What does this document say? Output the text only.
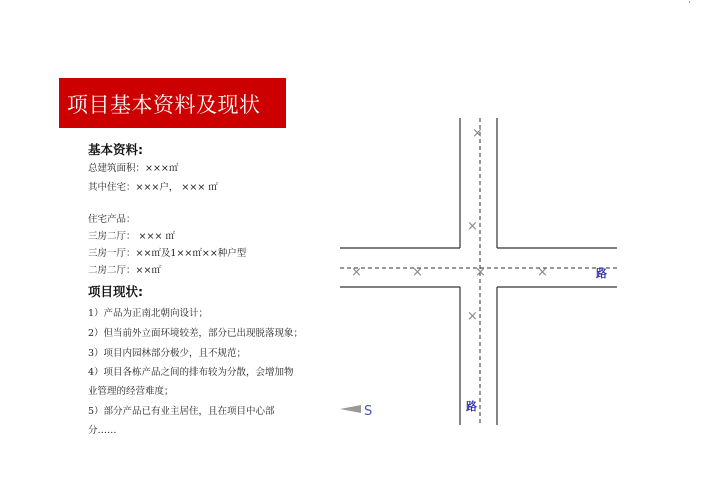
'
项目基本资料及现状
基本资料:
总建筑面积：×××㎡
其中住宅：×××户， ××× ㎡
住宅产品：
三房二厅： ××× ㎡
三房一厅：××㎡及1××㎡××种户型
二房二厅：××㎡
项目现状:
1）产品为正南北朝向设计；
2）但当前外立面环境较差，部分已出现脱落现象；
3）项目内园林部分极少，且不规范；
4）项目各栋产品之间的排布较为分散，会增加物
业管理的经营难度；
5）部分产品已有业主居住，且在项目中心部
分……
×
×
×	×	×	×
×
路
路
S
